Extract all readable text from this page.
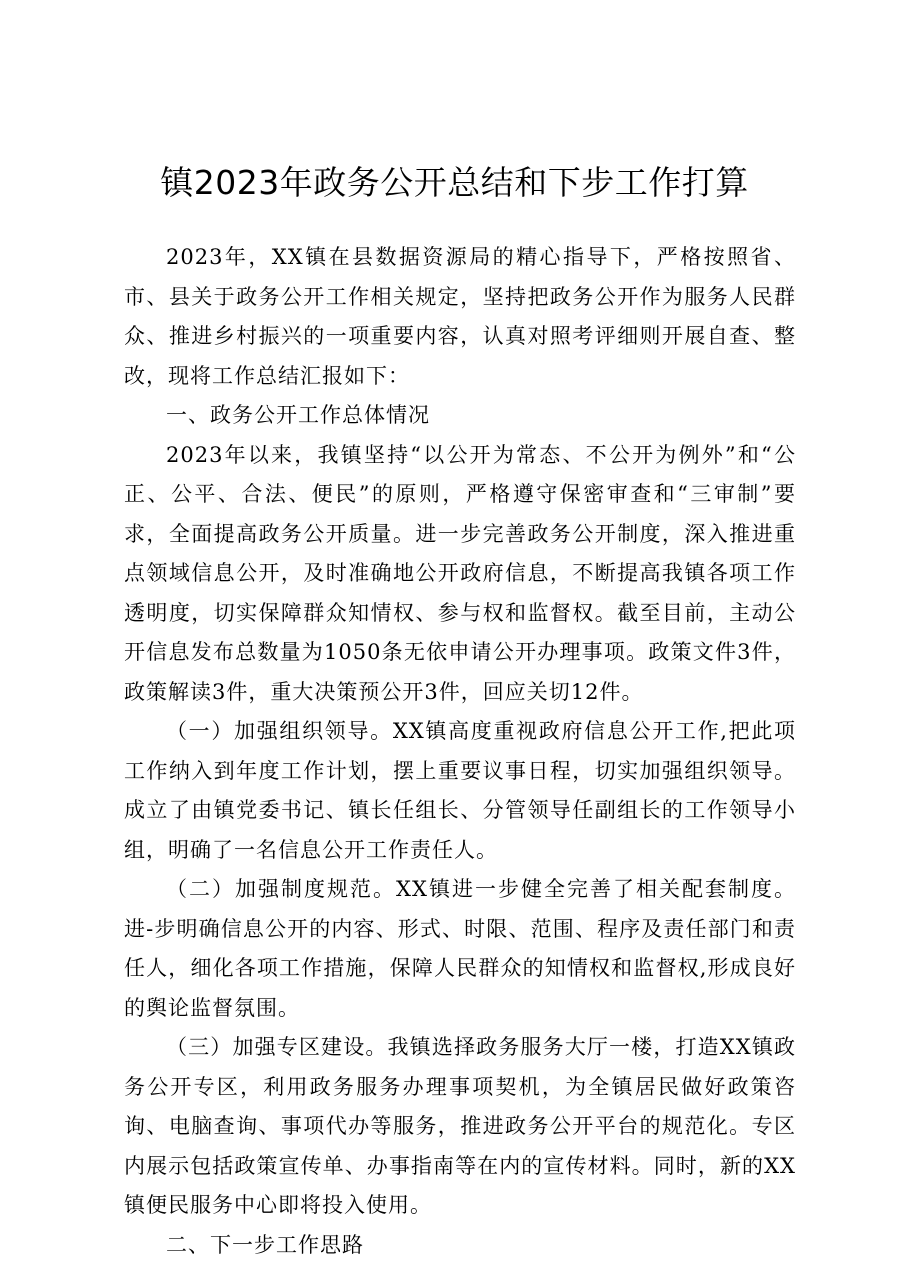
镇2023年政务公开总结和下步工作打算

2023年，XX镇在县数据资源局的精心指导下，严格按照省、市、县关于政务公开工作相关规定，坚持把政务公开作为服务人民群众、推进乡村振兴的一项重要内容，认真对照考评细则开展自查、整改，现将工作总结汇报如下：

一、政务公开工作总体情况

2023年以来，我镇坚持“以公开为常态、不公开为例外”和“公正、公平、合法、便民”的原则，严格遵守保密审查和“三审制”要求，全面提高政务公开质量。进一步完善政务公开制度，深入推进重点领域信息公开，及时准确地公开政府信息，不断提高我镇各项工作透明度，切实保障群众知情权、参与权和监督权。截至目前，主动公开信息发布总数量为1050条无依申请公开办理事项。政策文件3件，政策解读3件，重大决策预公开3件，回应关切12件。

（一）加强组织领导。XX镇高度重视政府信息公开工作,把此项工作纳入到年度工作计划，摆上重要议事日程，切实加强组织领导。成立了由镇党委书记、镇长任组长、分管领导任副组长的工作领导小组，明确了一名信息公开工作责任人。

（二）加强制度规范。XX镇进一步健全完善了相关配套制度。进-步明确信息公开的内容、形式、时限、范围、程序及责任部门和责任人，细化各项工作措施，保障人民群众的知情权和监督权,形成良好的舆论监督氛围。

（三）加强专区建设。我镇选择政务服务大厅一楼，打造XX镇政务公开专区，利用政务服务办理事项契机，为全镇居民做好政策咨询、电脑查询、事项代办等服务，推进政务公开平台的规范化。专区内展示包括政策宣传单、办事指南等在内的宣传材料。同时，新的XX镇便民服务中心即将投入使用。

二、下一步工作思路
